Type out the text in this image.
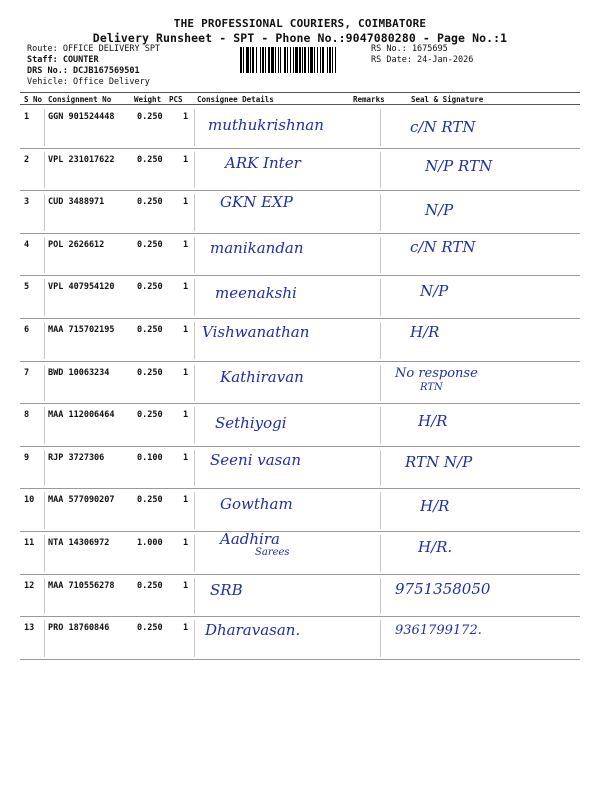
THE PROFESSIONAL COURIERS, COIMBATORE
Delivery Runsheet - SPT - Phone No.:9047080280 - Page No.:1
Route: OFFICE DELIVERY SPT
Staff: COUNTER
DRS No.: DCJB167569501
Vehicle: Office Delivery
RS No.: 1675695
RS Date: 24-Jan-2026
S No Consignment No	Weight PCS Consignee Details	Remarks	Seal & Signature
1 GGN 901524448	0.250 1 muthukrishnan	c/N RTN
2 VPL 231017622	0.250 1 ARK Inter	N/P RTN
3 CUD 3488971	0.250 1 GKN EXP	N/P
4 POL 2626612	0.250 1 manikandan	c/N RTN
5 VPL 407954120	0.250 1 meenakshi	N/P
6 MAA 715702195	0.250 1 Vishwanathan	H/R
7 BWD 10063234	0.250 1 Kathiravan	No response
RTN
8 MAA 112006464	0.250 1 Sethiyogi	H/R
9 RJP 3727306	0.100 1 Seeni vasan	RTN N/P
10 MAA 577090207	0.250 1 Gowtham	H/R
11 NTA 14306972	1.000 1 Aadhira
Sarees	H/R.
12 MAA 710556278	0.250 1 SRB	9751358050
13 PRO 18760846	0.250 1 Dharavasan.	9361799172.
